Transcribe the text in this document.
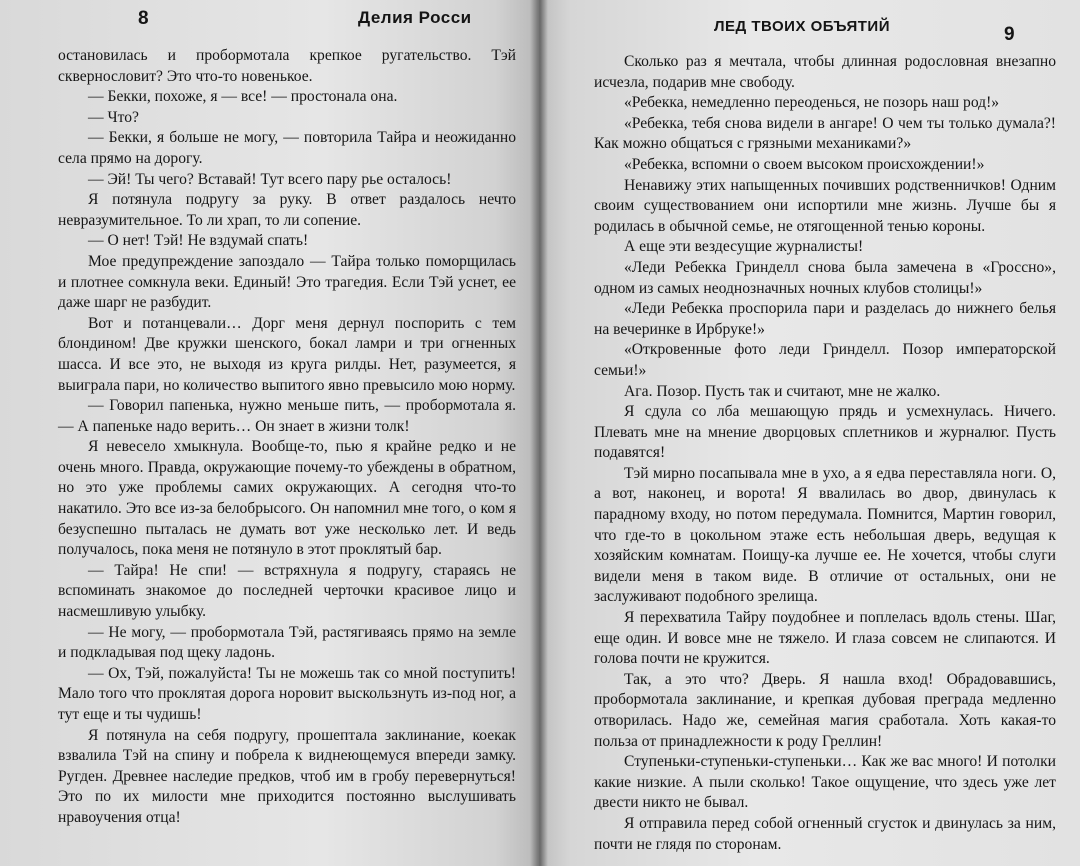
8	Делия Росси

остановилась и пробормотала крепкое ругательство. Тэй сквернословит? Это что-то новенькое.

— Бекки, похоже, я — все! — простонала она.

— Что?

— Бекки, я больше не могу, — повторила Тайра и неожиданно села прямо на дорогу.

— Эй! Ты чего? Вставай! Тут всего пару рье осталось!

Я потянула подругу за руку. В ответ раздалось нечто невразумительное. То ли храп, то ли сопение.

— О нет! Тэй! Не вздумай спать!

Мое предупреждение запоздало — Тайра только поморщилась и плотнее сомкнула веки. Единый! Это трагедия. Если Тэй уснет, ее даже шарг не разбудит.

Вот и потанцевали… Дорг меня дернул поспорить с тем блондином! Две кружки шенского, бокал ламри и три огненных шасса. И все это, не выходя из круга рилды. Нет, разумеется, я выиграла пари, но количество выпитого явно превысило мою норму.

— Говорил папенька, нужно меньше пить, — пробормотала я. — А папеньке надо верить… Он знает в жизни толк!

Я невесело хмыкнула. Вообще-то, пью я крайне редко и не очень много. Правда, окружающие почему-то убеждены в обратном, но это уже проблемы самих окружающих. А сегодня что-то накатило. Это все из-за белобрысого. Он напомнил мне того, о ком я безуспешно пыталась не думать вот уже несколько лет. И ведь получалось, пока меня не потянуло в этот проклятый бар.

— Тайра! Не спи! — встряхнула я подругу, стараясь не вспоминать знакомое до последней черточки красивое лицо и насмешливую улыбку.

— Не могу, — пробормотала Тэй, растягиваясь прямо на земле и подкладывая под щеку ладонь.

— Ох, Тэй, пожалуйста! Ты не можешь так со мной поступить! Мало того что проклятая дорога норовит выскользнуть из-под ног, а тут еще и ты чудишь!

Я потянула на себя подругу, прошептала заклинание, коекак взвалила Тэй на спину и побрела к виднеющемуся впереди замку. Ругден. Древнее наследие предков, чтоб им в гробу перевернуться! Это по их милости мне приходится постоянно выслушивать нравоучения отца!

ЛЕД ТВОИХ ОБЪЯТИЙ	9

Сколько раз я мечтала, чтобы длинная родословная внезапно исчезла, подарив мне свободу.

«Ребекка, немедленно переоденься, не позорь наш род!»

«Ребекка, тебя снова видели в ангаре! О чем ты только думала?! Как можно общаться с грязными механиками?»

«Ребекка, вспомни о своем высоком происхождении!»

Ненавижу этих напыщенных почивших родственничков! Одним своим существованием они испортили мне жизнь. Лучше бы я родилась в обычной семье, не отягощенной тенью короны.

А еще эти вездесущие журналисты!

«Леди Ребекка Гринделл снова была замечена в «Гроссно», одном из самых неоднозначных ночных клубов столицы!»

«Леди Ребекка проспорила пари и разделась до нижнего белья на вечеринке в Ирбруке!»

«Откровенные фото леди Гринделл. Позор императорской семьи!»

Ага. Позор. Пусть так и считают, мне не жалко.

Я сдула со лба мешающую прядь и усмехнулась. Ничего. Плевать мне на мнение дворцовых сплетников и журналюг. Пусть подавятся!

Тэй мирно посапывала мне в ухо, а я едва переставляла ноги. О, а вот, наконец, и ворота! Я ввалилась во двор, двинулась к парадному входу, но потом передумала. Помнится, Мартин говорил, что где-то в цокольном этаже есть небольшая дверь, ведущая к хозяйским комнатам. Поищу-ка лучше ее. Не хочется, чтобы слуги видели меня в таком виде. В отличие от остальных, они не заслуживают подобного зрелища.

Я перехватила Тайру поудобнее и поплелась вдоль стены. Шаг, еще один. И вовсе мне не тяжело. И глаза совсем не слипаются. И голова почти не кружится.

Так, а это что? Дверь. Я нашла вход! Обрадовавшись, пробормотала заклинание, и крепкая дубовая преграда медленно отворилась. Надо же, семейная магия сработала. Хоть какая-то польза от принадлежности к роду Греллин!

Ступеньки-ступеньки-ступеньки… Как же вас много! И потолки какие низкие. А пыли сколько! Такое ощущение, что здесь уже лет двести никто не бывал.

Я отправила перед собой огненный сгусток и двинулась за ним, почти не глядя по сторонам.
